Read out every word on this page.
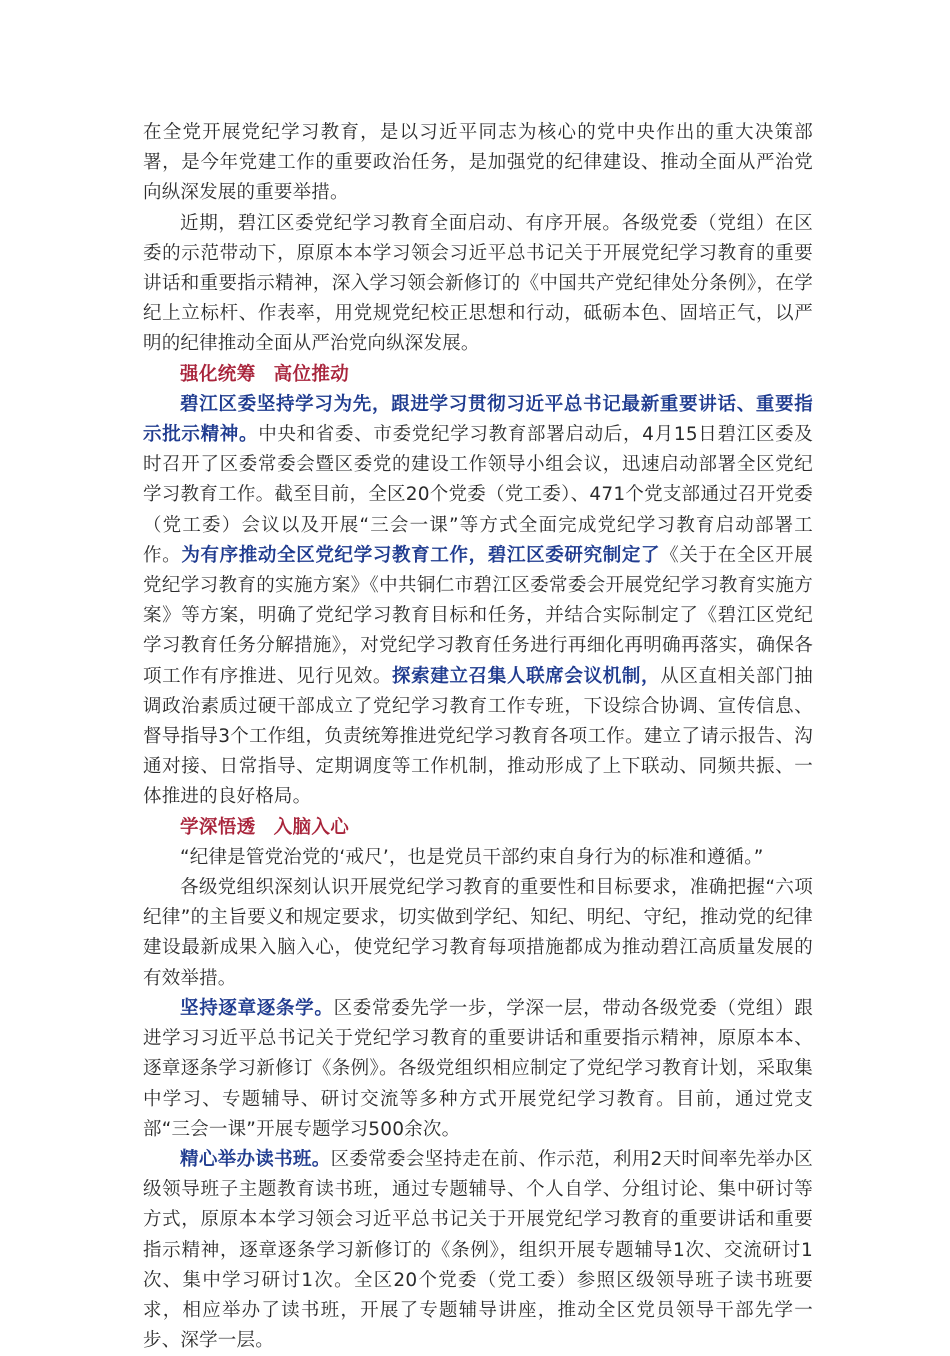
在全党开展党纪学习教育，是以习近平同志为核心的党中央作出的重大决策部署，是今年党建工作的重要政治任务，是加强党的纪律建设、推动全面从严治党向纵深发展的重要举措。

近期，碧江区委党纪学习教育全面启动、有序开展。各级党委（党组）在区委的示范带动下，原原本本学习领会习近平总书记关于开展党纪学习教育的重要讲话和重要指示精神，深入学习领会新修订的《中国共产党纪律处分条例》，在学纪上立标杆、作表率，用党规党纪校正思想和行动，砥砺本色、固培正气，以严明的纪律推动全面从严治党向纵深发展。

强化统筹 高位推动

碧江区委坚持学习为先，跟进学习贯彻习近平总书记最新重要讲话、重要指示批示精神。中央和省委、市委党纪学习教育部署启动后，4月15日碧江区委及时召开了区委常委会暨区委党的建设工作领导小组会议，迅速启动部署全区党纪学习教育工作。截至目前，全区20个党委（党工委）、471个党支部通过召开党委（党工委）会议以及开展“三会一课”等方式全面完成党纪学习教育启动部署工作。为有序推动全区党纪学习教育工作，碧江区委研究制定了《关于在全区开展党纪学习教育的实施方案》《中共铜仁市碧江区委常委会开展党纪学习教育实施方案》等方案，明确了党纪学习教育目标和任务，并结合实际制定了《碧江区党纪学习教育任务分解措施》，对党纪学习教育任务进行再细化再明确再落实，确保各项工作有序推进、见行见效。探索建立召集人联席会议机制，从区直相关部门抽调政治素质过硬干部成立了党纪学习教育工作专班，下设综合协调、宣传信息、督导指导3个工作组，负责统筹推进党纪学习教育各项工作。建立了请示报告、沟通对接、日常指导、定期调度等工作机制，推动形成了上下联动、同频共振、一体推进的良好格局。

学深悟透 入脑入心

“纪律是管党治党的‘戒尺’，也是党员干部约束自身行为的标准和遵循。”

各级党组织深刻认识开展党纪学习教育的重要性和目标要求，准确把握“六项纪律”的主旨要义和规定要求，切实做到学纪、知纪、明纪、守纪，推动党的纪律建设最新成果入脑入心，使党纪学习教育每项措施都成为推动碧江高质量发展的有效举措。

坚持逐章逐条学。区委常委先学一步，学深一层，带动各级党委（党组）跟进学习习近平总书记关于党纪学习教育的重要讲话和重要指示精神，原原本本、逐章逐条学习新修订《条例》。各级党组织相应制定了党纪学习教育计划，采取集中学习、专题辅导、研讨交流等多种方式开展党纪学习教育。目前，通过党支部“三会一课”开展专题学习500余次。

精心举办读书班。区委常委会坚持走在前、作示范，利用2天时间率先举办区级领导班子主题教育读书班，通过专题辅导、个人自学、分组讨论、集中研讨等方式，原原本本学习领会习近平总书记关于开展党纪学习教育的重要讲话和重要指示精神，逐章逐条学习新修订的《条例》，组织开展专题辅导1次、交流研讨1次、集中学习研讨1次。全区20个党委（党工委）参照区级领导班子读书班要求，相应举办了读书班，开展了专题辅导讲座，推动全区党员领导干部先学一步、深学一层。
